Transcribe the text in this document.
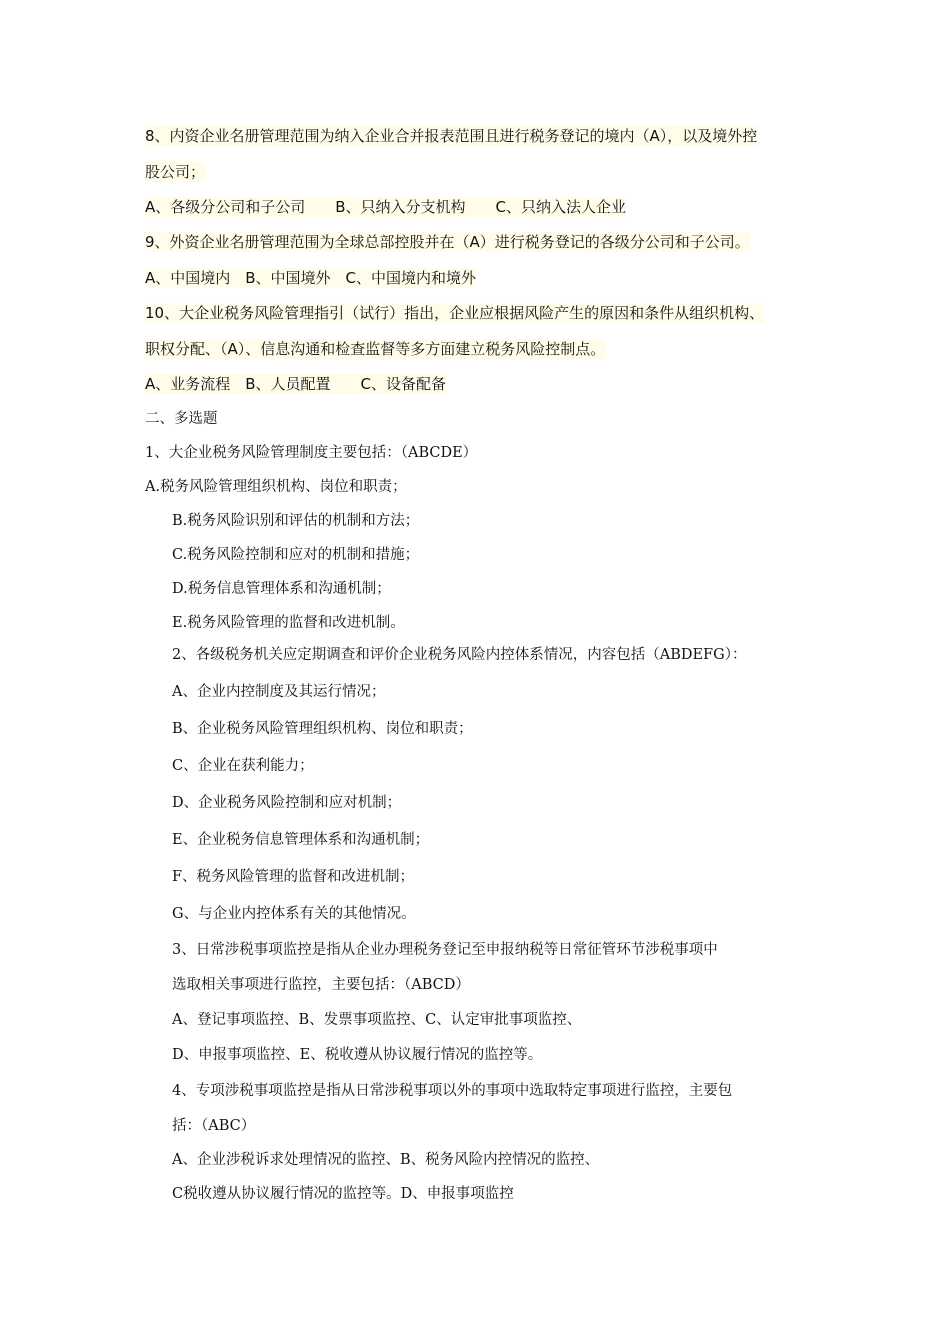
8、内资企业名册管理范围为纳入企业合并报表范围且进行税务登记的境内（A），以及境外控
股公司；
A、各级分公司和子公司　　B、只纳入分支机构　　C、只纳入法人企业
9、外资企业名册管理范围为全球总部控股并在（A）进行税务登记的各级分公司和子公司。
A、中国境内　B、中国境外　C、中国境内和境外
10、大企业税务风险管理指引（试行）指出，企业应根据风险产生的原因和条件从组织机构、
职权分配、（A）、信息沟通和检查监督等多方面建立税务风险控制点。
A、业务流程　B、人员配置　　C、设备配备
二、多选题
1、大企业税务风险管理制度主要包括：（ABCDE）
A.税务风险管理组织机构、岗位和职责；
B.税务风险识别和评估的机制和方法；
C.税务风险控制和应对的机制和措施；
D.税务信息管理体系和沟通机制；
E.税务风险管理的监督和改进机制。
2、各级税务机关应定期调查和评价企业税务风险内控体系情况，内容包括（ABDEFG）：
A、企业内控制度及其运行情况；
B、企业税务风险管理组织机构、岗位和职责；
C、企业在获利能力；
D、企业税务风险控制和应对机制；
E、企业税务信息管理体系和沟通机制；
F、税务风险管理的监督和改进机制；
G、与企业内控体系有关的其他情况。
3、日常涉税事项监控是指从企业办理税务登记至申报纳税等日常征管环节涉税事项中
选取相关事项进行监控，主要包括：（ABCD）
A、登记事项监控、B、发票事项监控、C、认定审批事项监控、
D、申报事项监控、E、税收遵从协议履行情况的监控等。
4、专项涉税事项监控是指从日常涉税事项以外的事项中选取特定事项进行监控，主要包
括：（ABC）
A、企业涉税诉求处理情况的监控、B、税务风险内控情况的监控、
C税收遵从协议履行情况的监控等。D、申报事项监控
